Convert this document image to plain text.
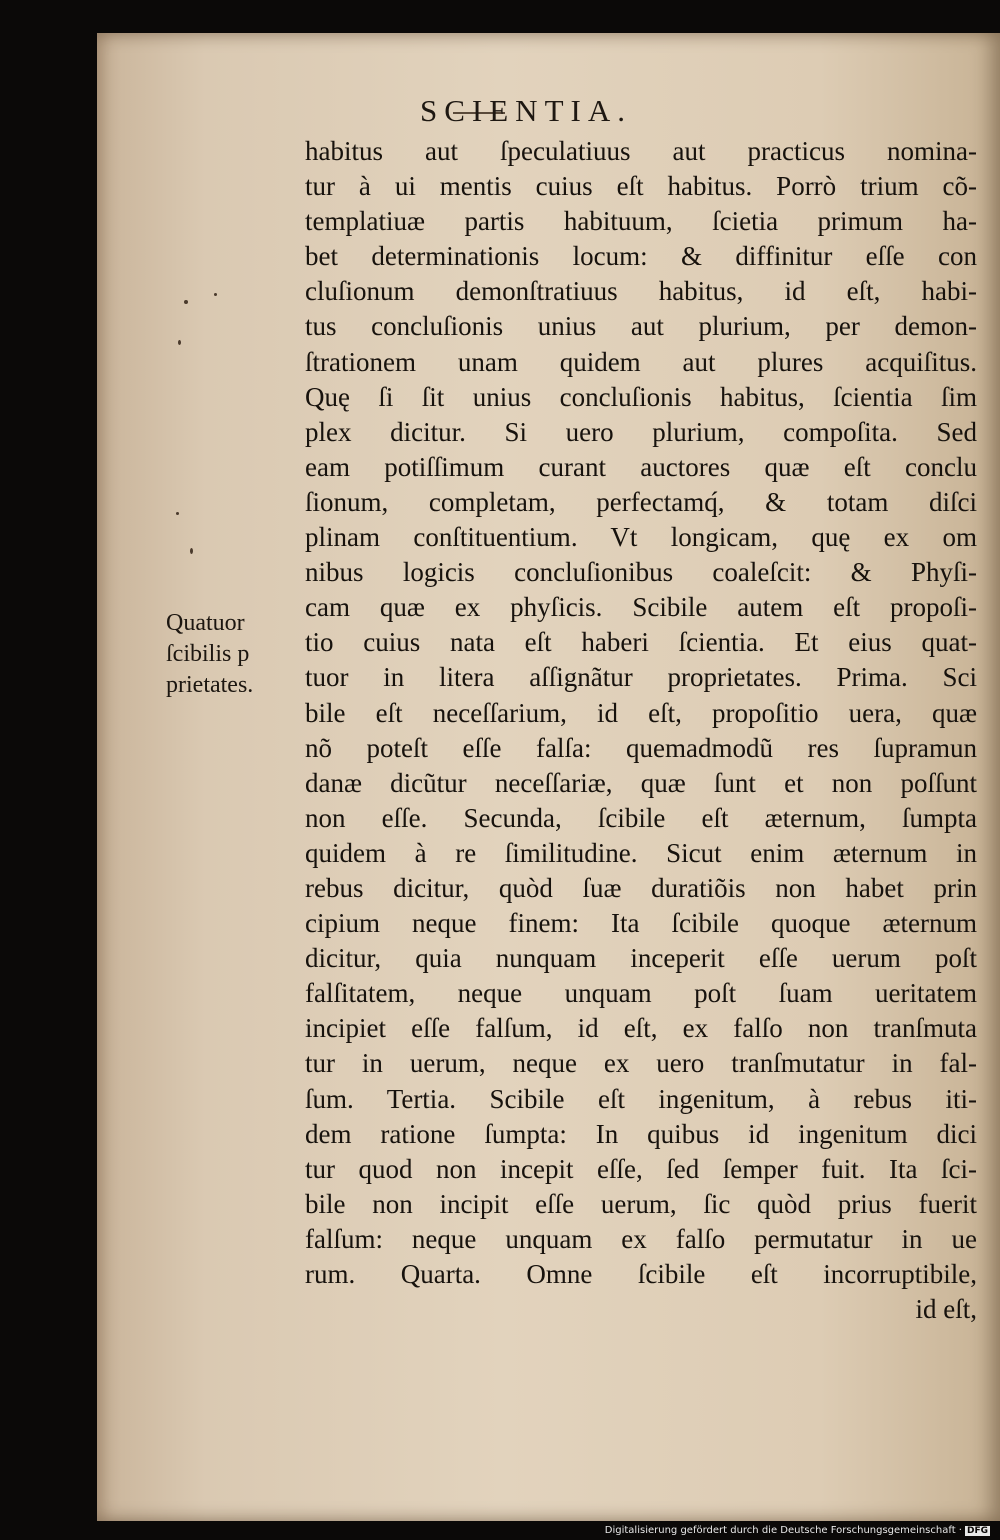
SCIENTIA.
habitus aut ſpeculatiuus aut practicus nomina-
tur à ui mentis cuius eſt habitus. Porrò trium cõ-
templatiuæ partis habituum, ſcietia primum ha-
bet determinationis locum: & diffinitur eſſe con
cluſionum demonſtratiuus habitus, id eſt, habi-
tus concluſionis unius aut plurium, per demon-
ſtrationem unam quidem aut plures acquiſitus.
Quę ſi ſit unius concluſionis habitus, ſcientia ſim
plex dicitur. Si uero plurium, compoſita. Sed
eam potiſſimum curant auctores quæ eſt conclu
ſionum, completam, perfectamq́, & totam diſci
plinam conſtituentium. Vt longicam, quę ex om
nibus logicis concluſionibus coaleſcit: & Phyſi-
cam quæ ex phyſicis. Scibile autem eſt propoſi-
tio cuius nata eſt haberi ſcientia. Et eius quat-
tuor in litera aſſignãtur proprietates. Prima. Sci
bile eſt neceſſarium, id eſt, propoſitio uera, quæ
nõ poteſt eſſe falſa: quemadmodũ res ſupramun
danæ dicũtur neceſſariæ, quæ ſunt et non poſſunt
non eſſe. Secunda, ſcibile eſt æternum, ſumpta
quidem à re ſimilitudine. Sicut enim æternum in
rebus dicitur, quòd ſuæ duratiõis non habet prin
cipium neque finem: Ita ſcibile quoque æternum
dicitur, quia nunquam inceperit eſſe uerum poſt
falſitatem, neque unquam poſt ſuam ueritatem
incipiet eſſe falſum, id eſt, ex falſo non tranſmuta
tur in uerum, neque ex uero tranſmutatur in fal-
ſum. Tertia. Scibile eſt ingenitum, à rebus iti-
dem ratione ſumpta: In quibus id ingenitum dici
tur quod non incepit eſſe, ſed ſemper fuit. Ita ſci-
bile non incipit eſſe uerum, ſic quòd prius fuerit
falſum: neque unquam ex falſo permutatur in ue
rum. Quarta. Omne ſcibile eſt incorruptibile,
id eſt,
Quatuor
ſcibilis p
prietates.
Digitalisierung gefördert durch die Deutsche Forschungsgemeinschaft · DFG
